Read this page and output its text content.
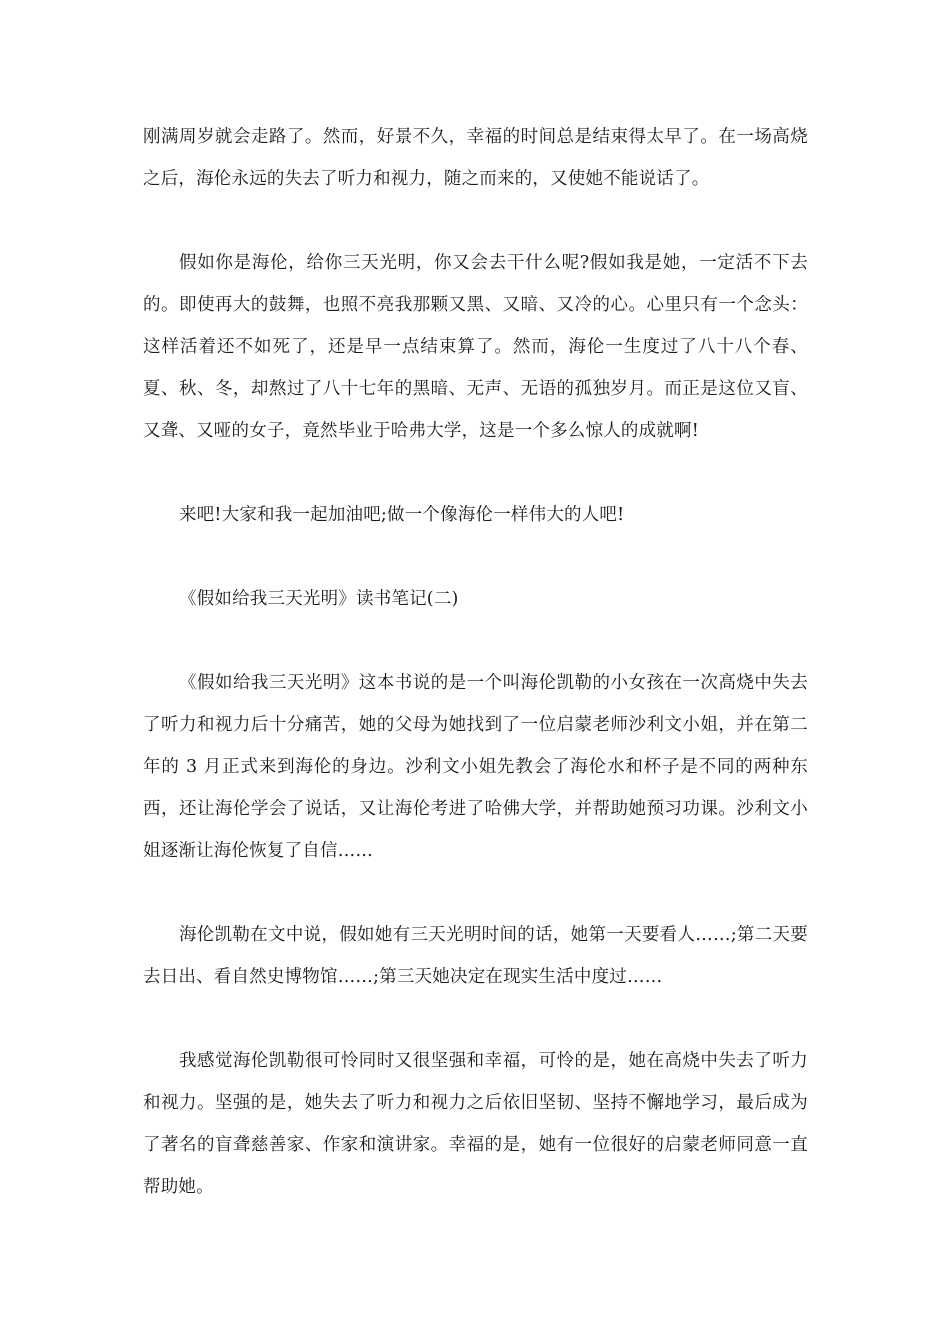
刚满周岁就会走路了。然而，好景不久，幸福的时间总是结束得太早了。在一场高烧之后，海伦永远的失去了听力和视力，随之而来的，又使她不能说话了。

假如你是海伦，给你三天光明，你又会去干什么呢?假如我是她，一定活不下去的。即使再大的鼓舞，也照不亮我那颗又黑、又暗、又冷的心。心里只有一个念头：这样活着还不如死了，还是早一点结束算了。然而，海伦一生度过了八十八个春、夏、秋、冬，却熬过了八十七年的黑暗、无声、无语的孤独岁月。而正是这位又盲、又聋、又哑的女子，竟然毕业于哈弗大学，这是一个多么惊人的成就啊!

来吧!大家和我一起加油吧;做一个像海伦一样伟大的人吧!

《假如给我三天光明》读书笔记(二)

《假如给我三天光明》这本书说的是一个叫海伦凯勒的小女孩在一次高烧中失去了听力和视力后十分痛苦，她的父母为她找到了一位启蒙老师沙利文小姐，并在第二年的 3 月正式来到海伦的身边。沙利文小姐先教会了海伦水和杯子是不同的两种东西，还让海伦学会了说话，又让海伦考进了哈佛大学，并帮助她预习功课。沙利文小姐逐渐让海伦恢复了自信……

海伦凯勒在文中说，假如她有三天光明时间的话，她第一天要看人……;第二天要去日出、看自然史博物馆……;第三天她决定在现实生活中度过……

我感觉海伦凯勒很可怜同时又很坚强和幸福，可怜的是，她在高烧中失去了听力和视力。坚强的是，她失去了听力和视力之后依旧坚韧、坚持不懈地学习，最后成为了著名的盲聋慈善家、作家和演讲家。幸福的是，她有一位很好的启蒙老师同意一直帮助她。
